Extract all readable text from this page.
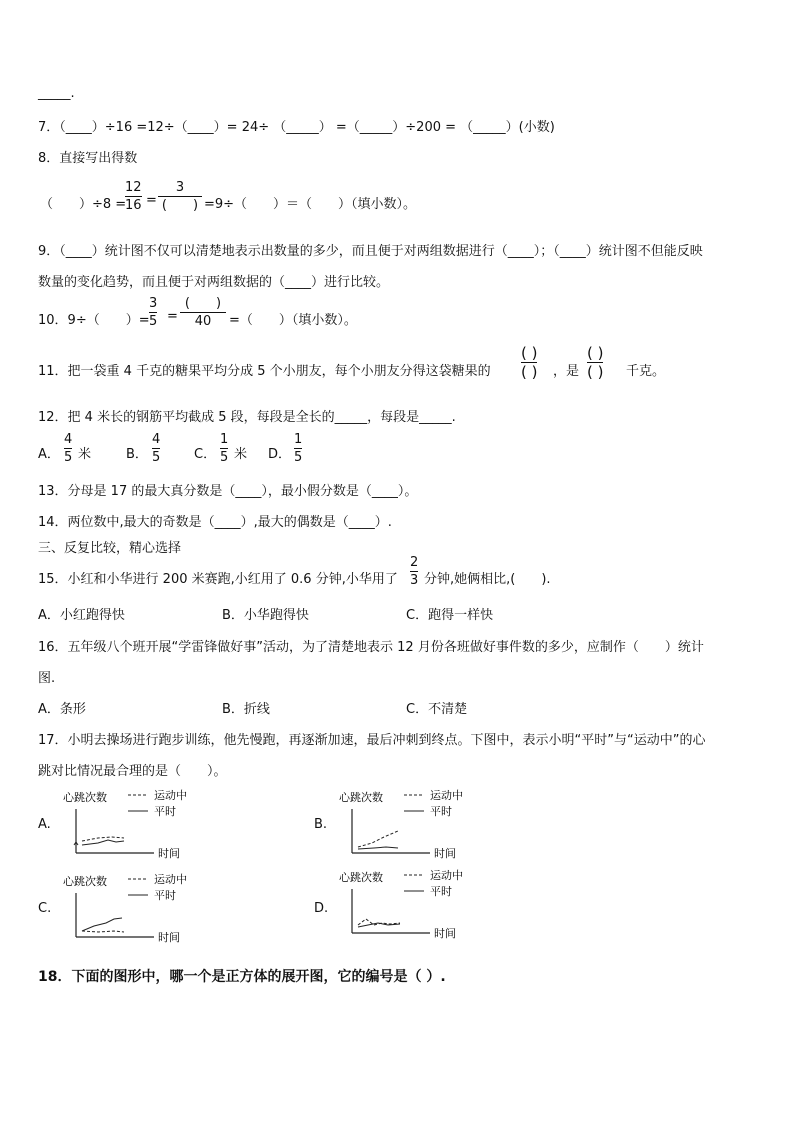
_____.
7．（____）÷16 =12÷（____）= 24÷ （_____） =（_____）÷200 = （_____）(小数)
8．直接写出得数
（　　）÷8 =
12
16 =
3
(　　) =9÷（　　）＝（　　）（填小数）。
9．（____）统计图不仅可以清楚地表示出数量的多少，而且便于对两组数据进行（____）；（____）统计图不但能反映
数量的变化趋势，而且便于对两组数据的（____）进行比较。
10．9÷（　　）=
3
5 =
(　　)
40 =（　　）（填小数）。
11．把一袋重 4 千克的糖果平均分成 5 个小朋友，每个小朋友分得这袋糖果的
( )
( ) ，是
( )
( ) 千克。
12．把 4 米长的钢筋平均截成 5 段，每段是全长的_____，每段是_____.
A．
4
5 米	B．
4
5	C．
1
5 米 D．
1
5
13．分母是 17 的最大真分数是（____），最小假分数是（____）。
14．两位数中,最大的奇数是（____）,最大的偶数是（____）.
三、反复比较，精心选择
15．小红和小华进行 200 米赛跑,小红用了 0.6 分钟,小华用了
2
3 分钟,她俩相比,(　　).
A．小红跑得快	B．小华跑得快	C．跑得一样快
16．五年级八个班开展“学雷锋做好事”活动，为了清楚地表示 12 月份各班做好事件数的多少，应制作（　　）统计
图.
A．条形	B．折线	C．不清楚
17．小明去操场进行跑步训练，他先慢跑，再逐渐加速，最后冲刺到终点。下图中，表示小明“平时”与“运动中”的心
跳对比情况最合理的是（　　）。
A.
心跳次数	运动中
平时
时间
B.
心跳次数	运动中
平时
时间
C.
心跳次数	运动中
平时
时间
D.
心跳次数	运动中
平时
时间
18．下面的图形中，哪一个是正方体的展开图，它的编号是（ ）.
